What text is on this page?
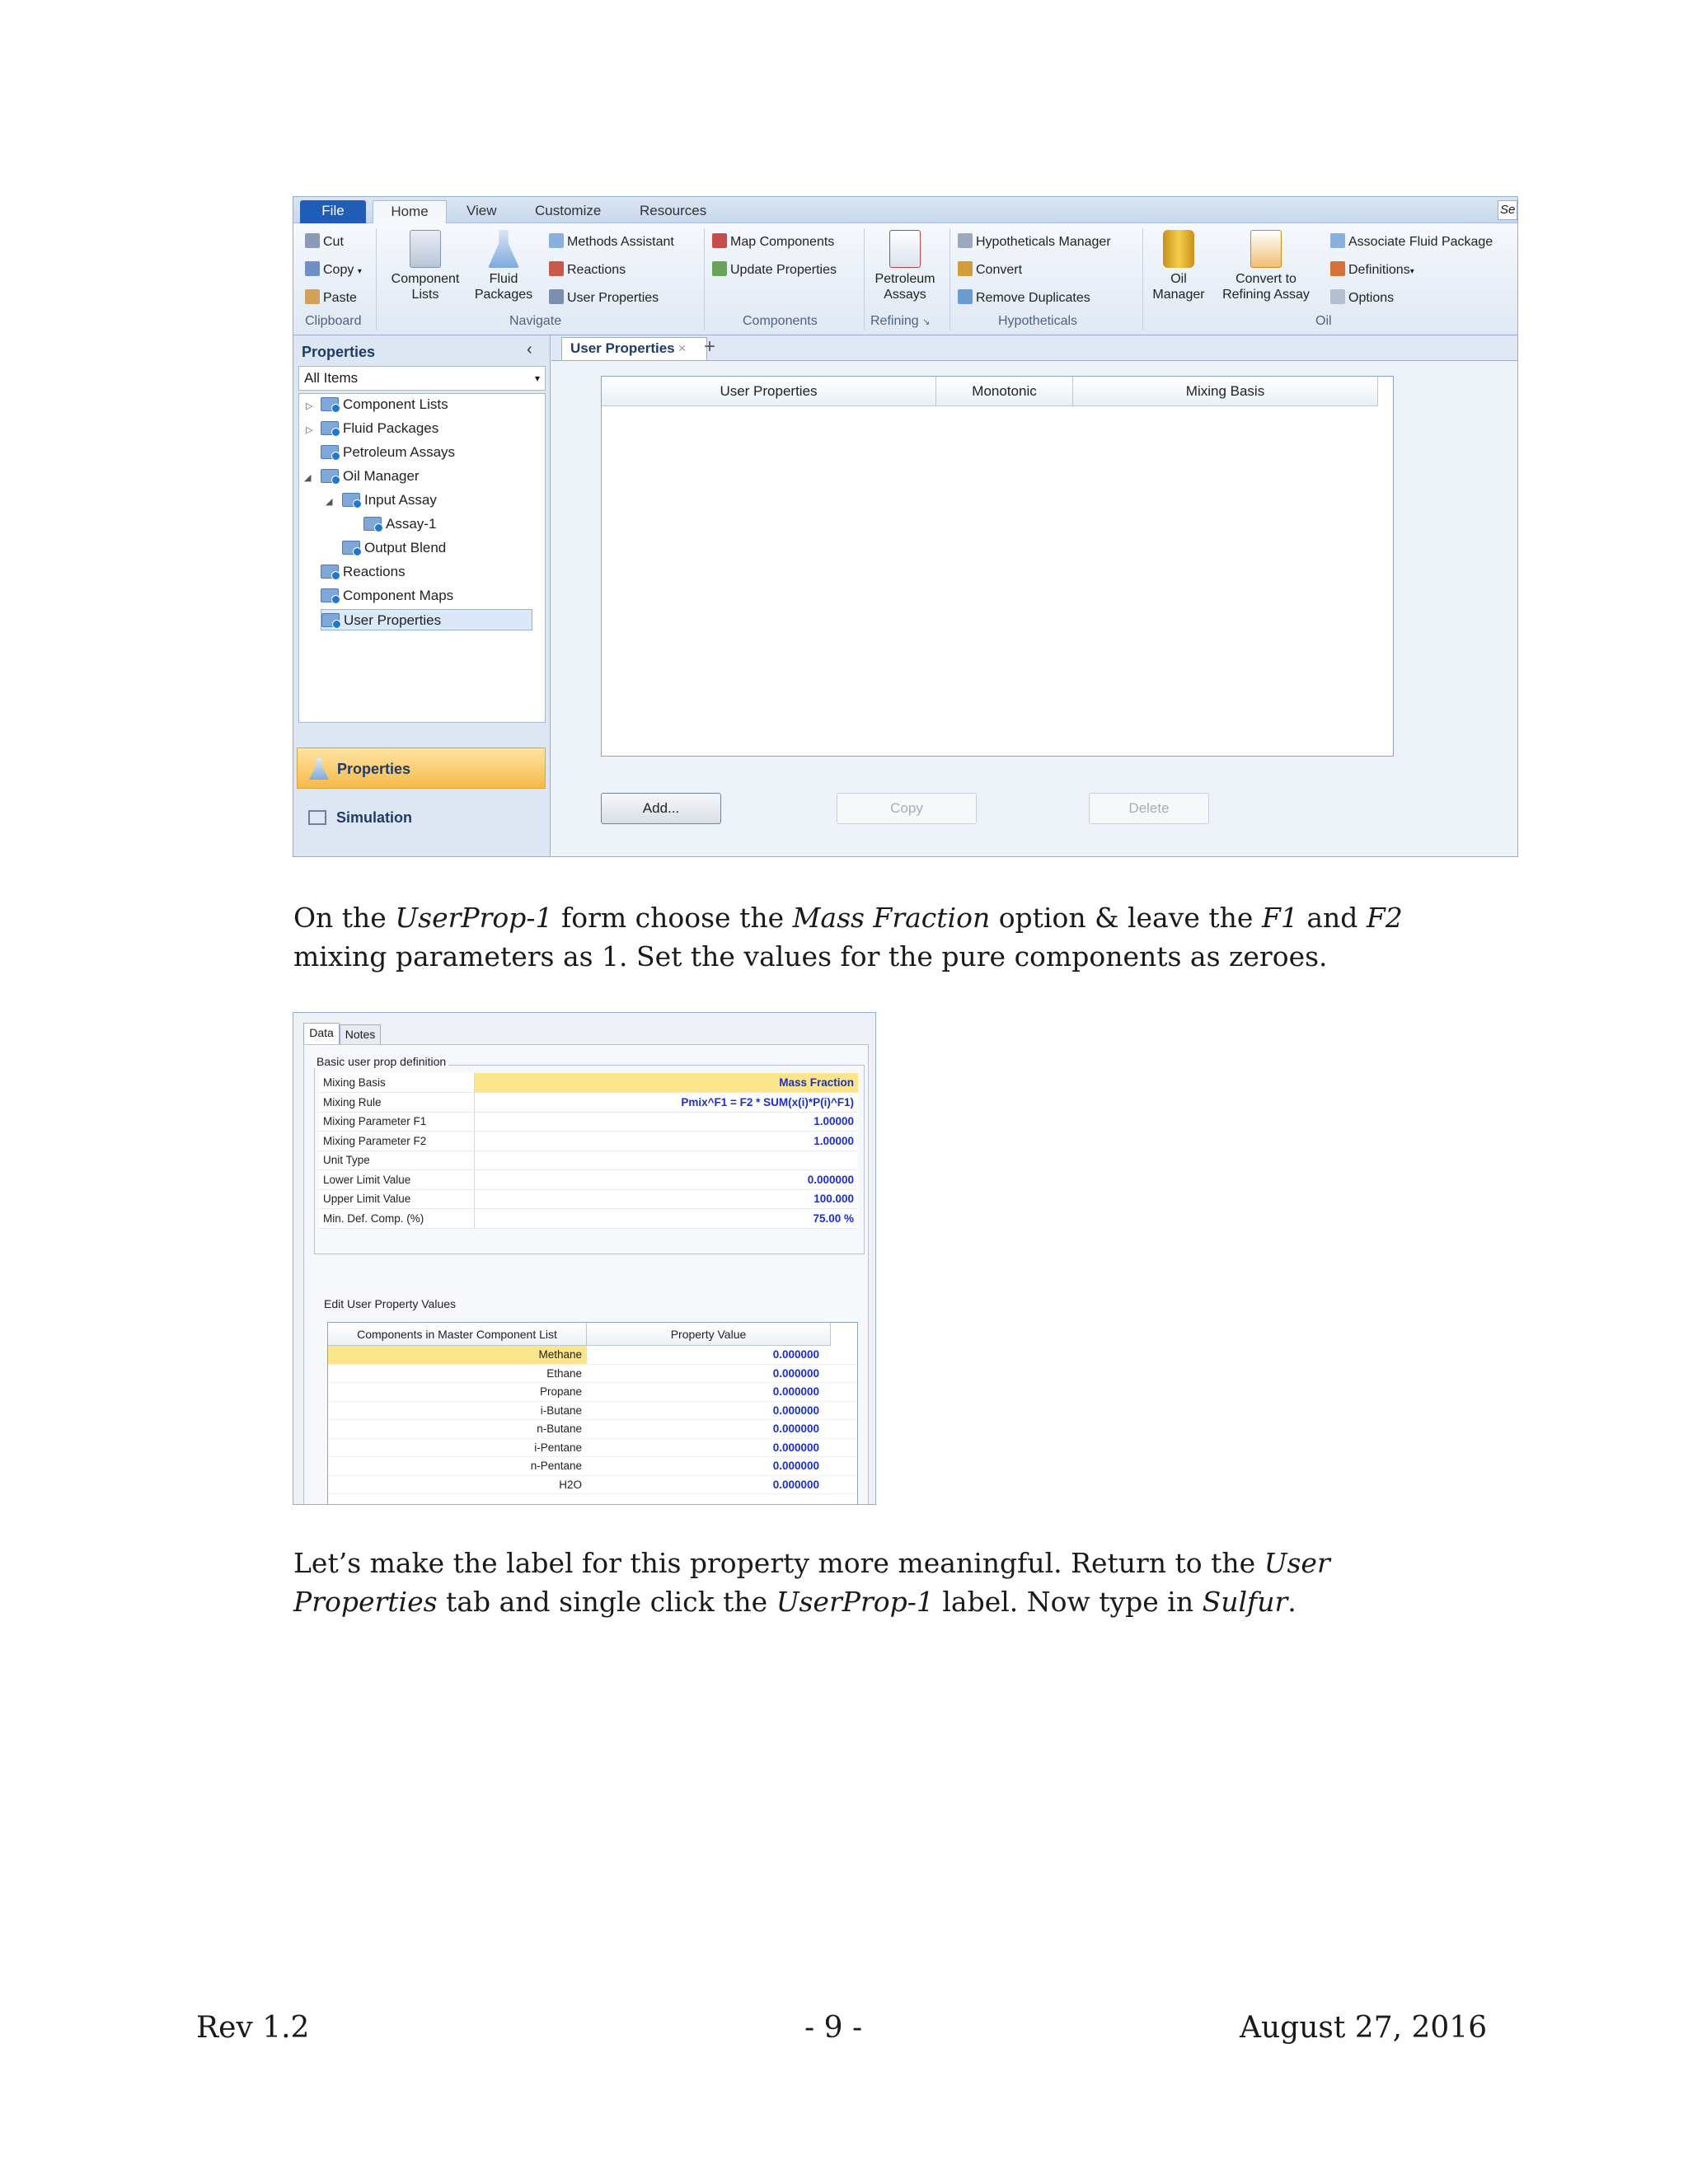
File	Home	View	Customize	Resources	Se
Cut
Copy ▾
Paste
Clipboard
Component
Lists
Fluid
Packages
Methods Assistant
Reactions
User Properties
Navigate
Map Components
Update Properties
Components
Petroleum
Assays
Refining ↘
Hypotheticals Manager
Convert
Remove Duplicates
Hypotheticals
Oil
Manager
Convert to
Refining Assay
Associate Fluid Package
Definitions▾
Options
Oil
Properties	‹
All Items	▾
▷	Component Lists
▷	Fluid Packages
Petroleum Assays
◢	Oil Manager
◢	Input Assay
Assay-1
Output Blend
Reactions
Component Maps
User Properties
Properties
Simulation
User Properties × +
User Properties	Monotonic	Mixing Basis
Add...	Copy	Delete
On the UserProp-1 form choose the Mass Fraction option & leave the F1 and F2
mixing parameters as 1. Set the values for the pure components as zeroes.
Data Notes
Basic user prop definition
Mixing Basis	Mass Fraction
Mixing Rule	Pmix^F1 = F2 * SUM(x(i)*P(i)^F1)
Mixing Parameter F1	1.00000
Mixing Parameter F2	1.00000
Unit Type	
Lower Limit Value	0.000000
Upper Limit Value	100.000
Min. Def. Comp. (%)	75.00 %
Edit User Property Values
Components in Master Component List	Property Value
Methane	0.000000
Ethane	0.000000
Propane	0.000000
i-Butane	0.000000
n-Butane	0.000000
i-Pentane	0.000000
n-Pentane	0.000000
H2O	0.000000
Let’s make the label for this property more meaningful. Return to the User
Properties tab and single click the UserProp-1 label. Now type in Sulfur.
Rev 1.2	- 9 -	August 27, 2016
